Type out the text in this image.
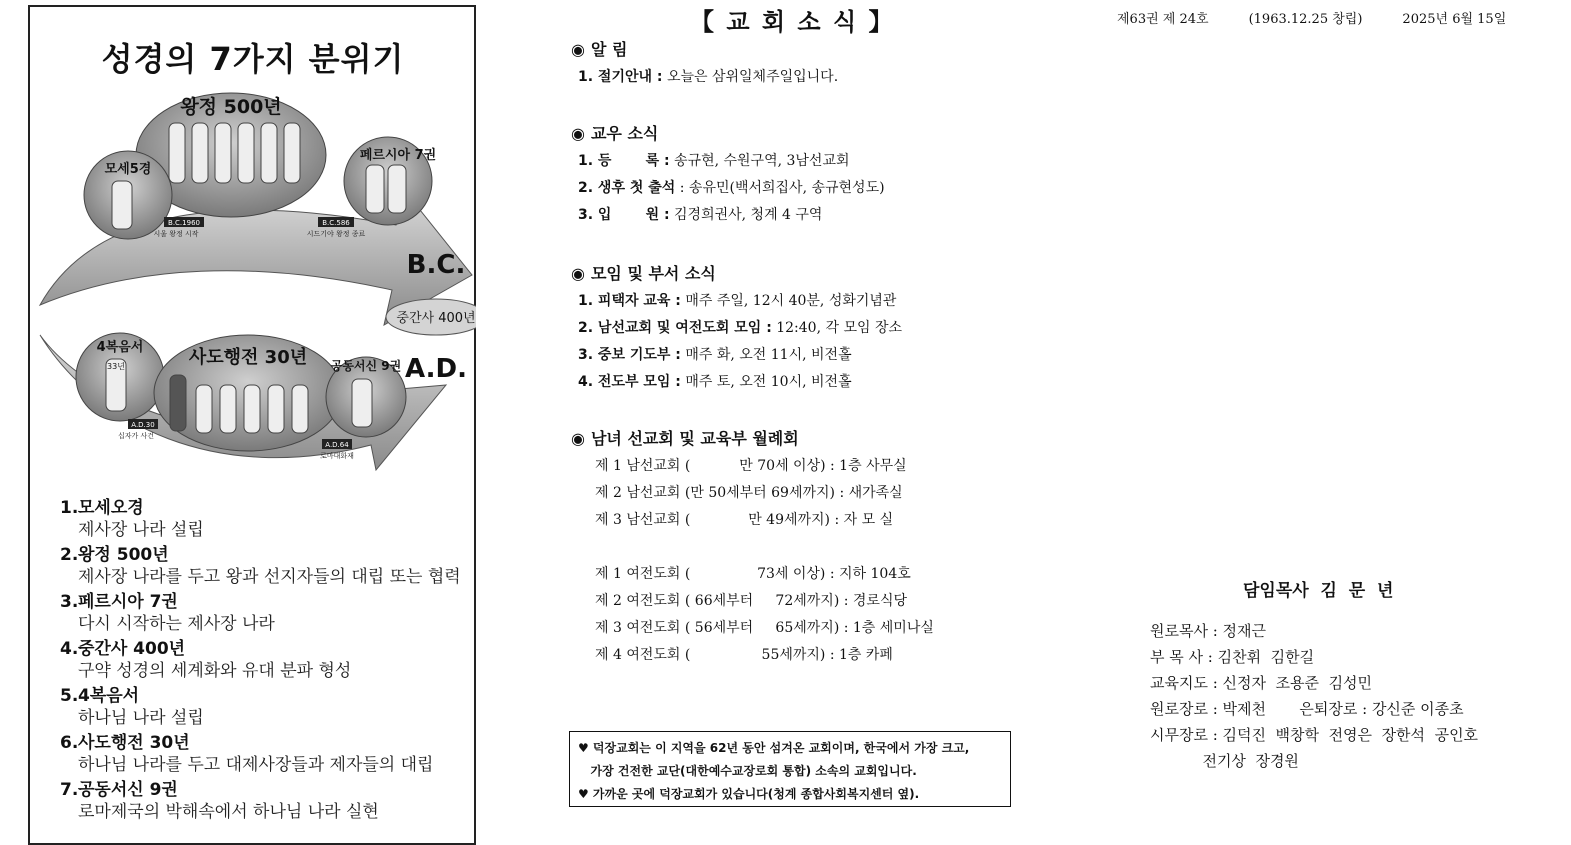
성경의 7가지 분위기
왕정 500년
모세5경
페르시아 7권
B.C.1960
시울 왕정 시작
B.C.586
시드기야 왕정 종료
B.C.
중간사 400년
A.D.
4복음서
33년
A.D.30
십자가 사건
사도행전 30년 공동서신 9권
A.D.64
로마대화재
1.모세오경
제사장 나라 설립
2.왕정 500년
제사장 나라를 두고 왕과 선지자들의 대립 또는 협력
3.페르시아 7권
다시 시작하는 제사장 나라
4.중간사 400년
구약 성경의 세계화와 유대 분파 형성
5.4복음서
하나님 나라 설립
6.사도행전 30년
하나님 나라를 두고 대제사장들과 제자들의 대립
7.공동서신 9권
로마제국의 박해속에서 하나님 나라 실현
【 교 회 소 식 】
◉ 알 림
1. 절기안내 : 오늘은 삼위일체주일입니다.
◉ 교우 소식
1. 등       록 : 송규현, 수원구역, 3남선교회
2. 생후 첫 출석 : 송유민(백서희집사, 송규현성도)
3. 입       원 : 김경희권사, 청계 4 구역
◉ 모임 및 부서 소식
1. 피택자 교육 : 매주 주일, 12시 40분, 성화기념관
2. 남선교회 및 여전도회 모임 : 12:40, 각 모임 장소
3. 중보 기도부 : 매주 화, 오전 11시, 비전홀
4. 전도부 모임 : 매주 토, 오전 10시, 비전홀
◉ 남녀 선교회 및 교육부 월례회
제 1 남선교회 (           만 70세 이상) : 1층 사무실
제 2 남선교회 (만 50세부터 69세까지) : 새가족실
제 3 남선교회 (             만 49세까지) : 자 모 실
제 1 여전도회 (               73세 이상) : 지하 104호
제 2 여전도회 ( 66세부터     72세까지) : 경로식당
제 3 여전도회 ( 56세부터     65세까지) : 1층 세미나실
제 4 여전도회 (                55세까지) : 1층 카페
♥ 덕장교회는 이 지역을 62년 동안 섬겨온 교회이며, 한국에서 가장 크고,
가장 건전한 교단(대한예수교장로회 통합) 소속의 교회입니다.
♥ 가까운 곳에 덕장교회가 있습니다(청계 종합사회복지센터 옆).
제63권 제 24호	(1963.12.25 창립)	2025년 6월 15일
담임목사  김  문  년
원로목사 : 정재근
부 목 사 : 김찬휘  김한길
교육지도 : 신정자  조용준  김성민
원로장로 : 박제천       은퇴장로 : 강신준 이종초
시무장로 : 김덕진  백창학  전영은  장한석  공인호
전기상  장경원
